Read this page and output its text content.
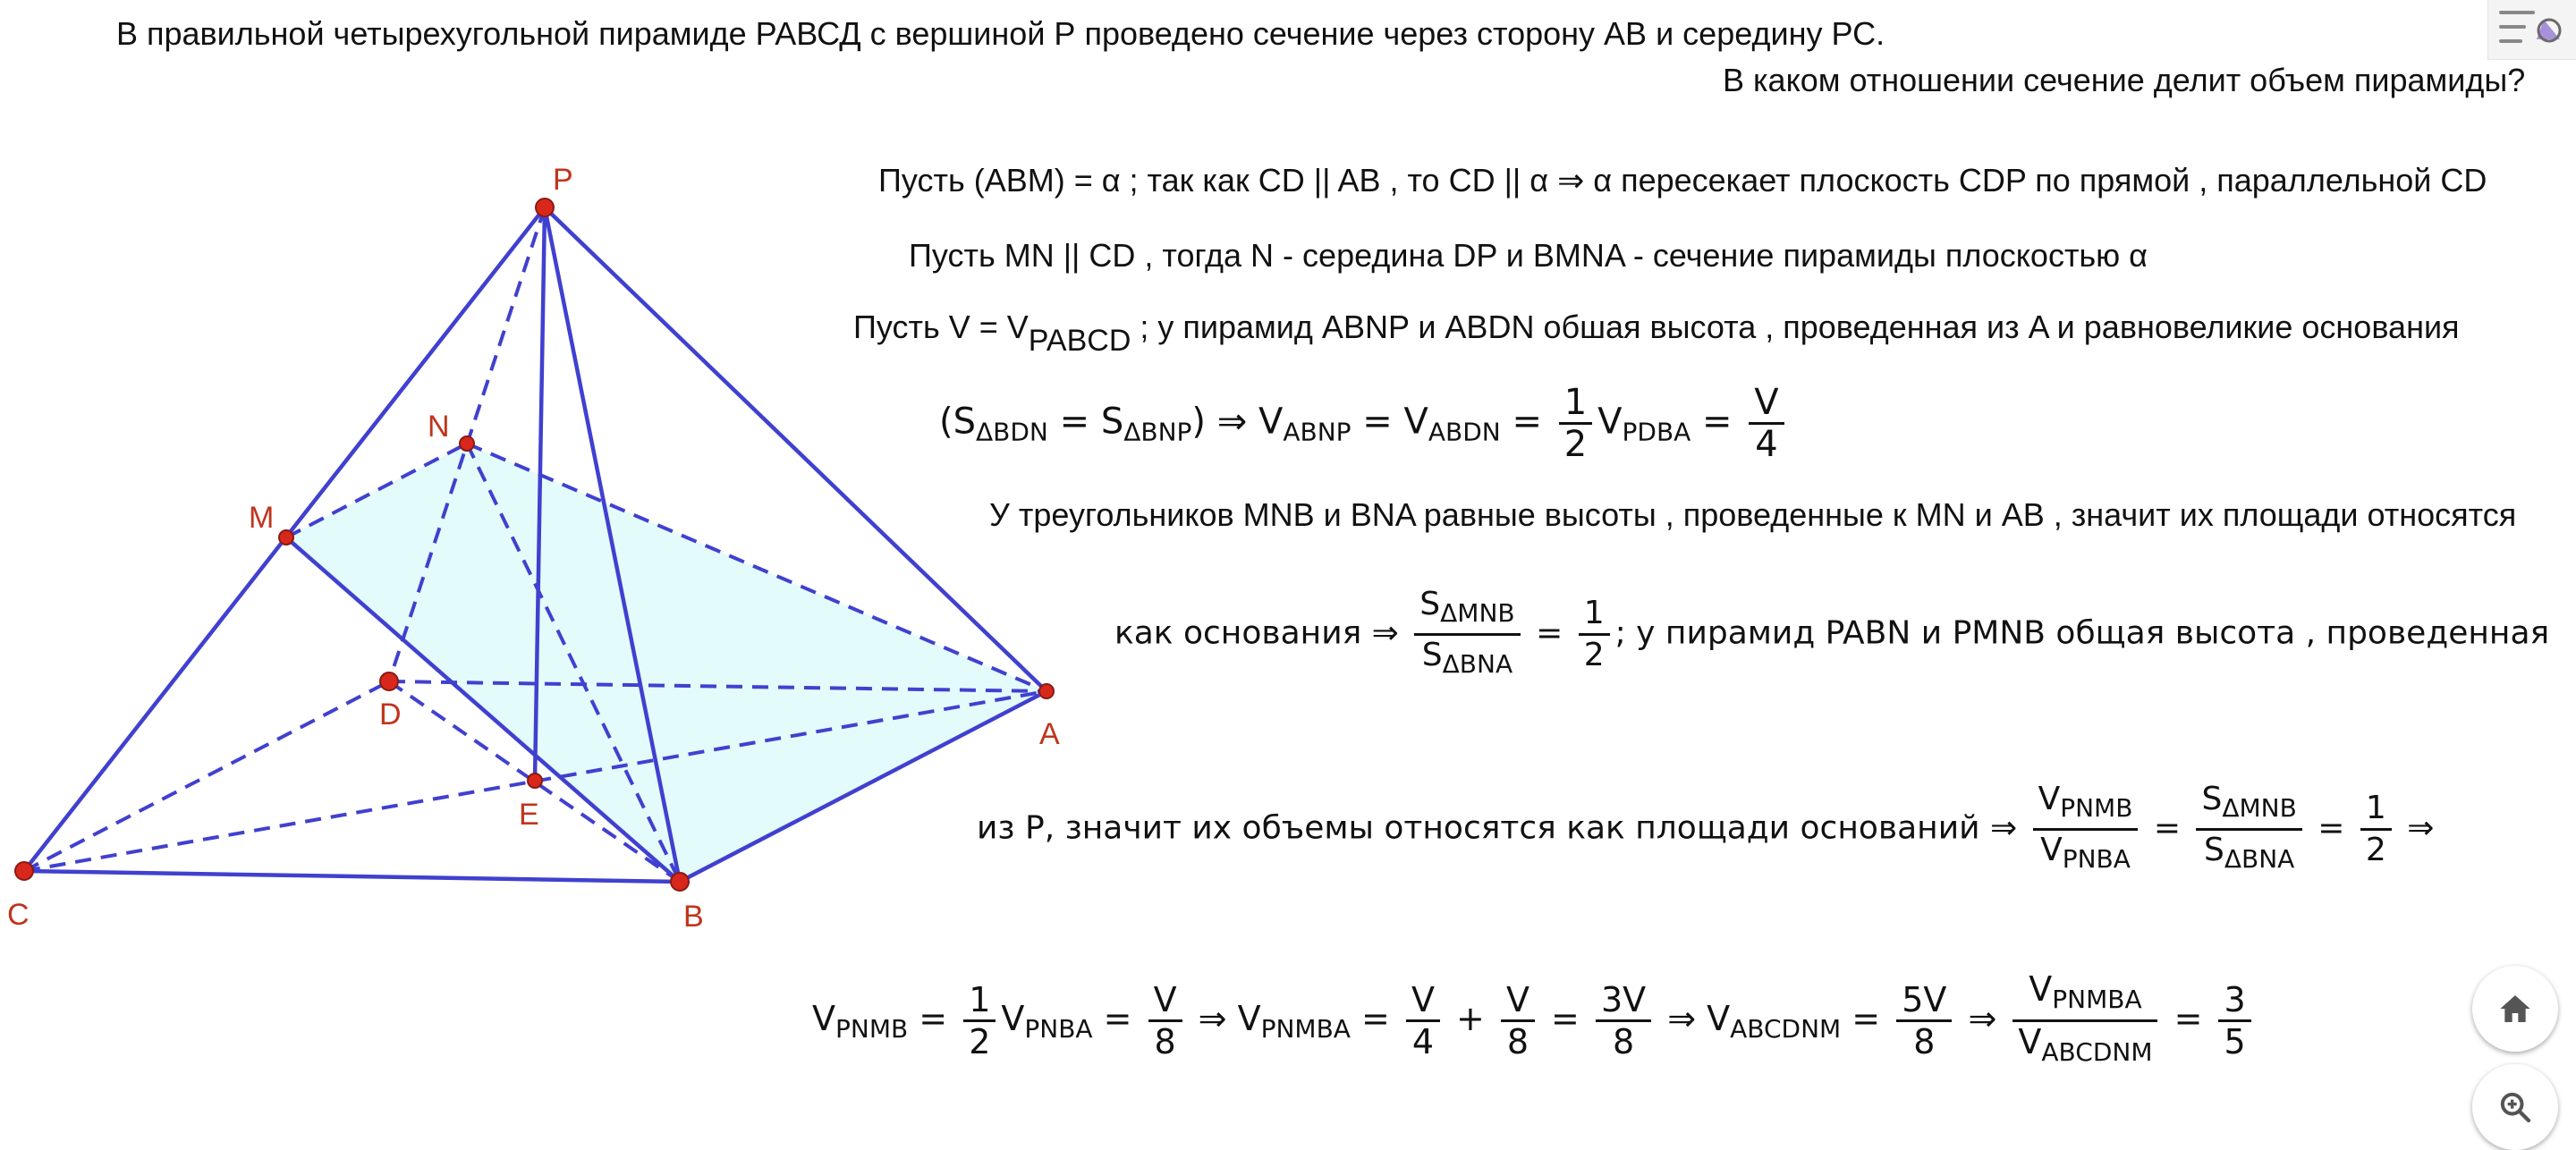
В правильной четырехугольной пирамиде РАВСД с вершиной Р проведено сечение через сторону АВ и середину РС.
В каком отношении сечение делит объем пирамиды?
P
N
M
D
A
E
C	B
Пусть (ABM) = α ; так как CD || AB , то CD || α ⇒ α пересекает плоскость CDP по прямой , параллельной CD
Пусть MN || CD , тогда N - середина DP и BMNA - сечение пирамиды плоскостью α
Пусть $V = V_{PABCD}$ ; у пирамид ABNP и ABDN обшая высота , проведенная из A и равновеликие основания
$(S_{\Delta BDN} = S_{\Delta BNP})$ ⇒ $V_{ABNP} = V_{ABDN} = \frac{1}{2} V_{PDBA} = \frac{V}{4}$
У треугольников MNB и BNA равные высоты , проведенные к MN и AB , значит их площади относятся
как основания ⇒ $\frac{S_{\Delta MNB}}{S_{\Delta BNA}} = \frac{1}{2}$ ; у пирамид PABN и PMNB общая высота , проведенная
из P, значит их объемы относятся как площади оснований ⇒ $\frac{V_{PNMB}}{V_{PNBA}} = \frac{S_{\Delta MNB}}{S_{\Delta BNA}} = \frac{1}{2}$ ⇒
$V_{PNMB} = \frac{1}{2} V_{PNBA} = \frac{V}{8}$ ⇒ $V_{PNMBA} = \frac{V}{4} + \frac{V}{8} = \frac{3V}{8}$ ⇒ $V_{ABCDNM} = \frac{5V}{8}$ ⇒ $\frac{V_{PNMBA}}{V_{ABCDNM}} = \frac{3}{5}$
